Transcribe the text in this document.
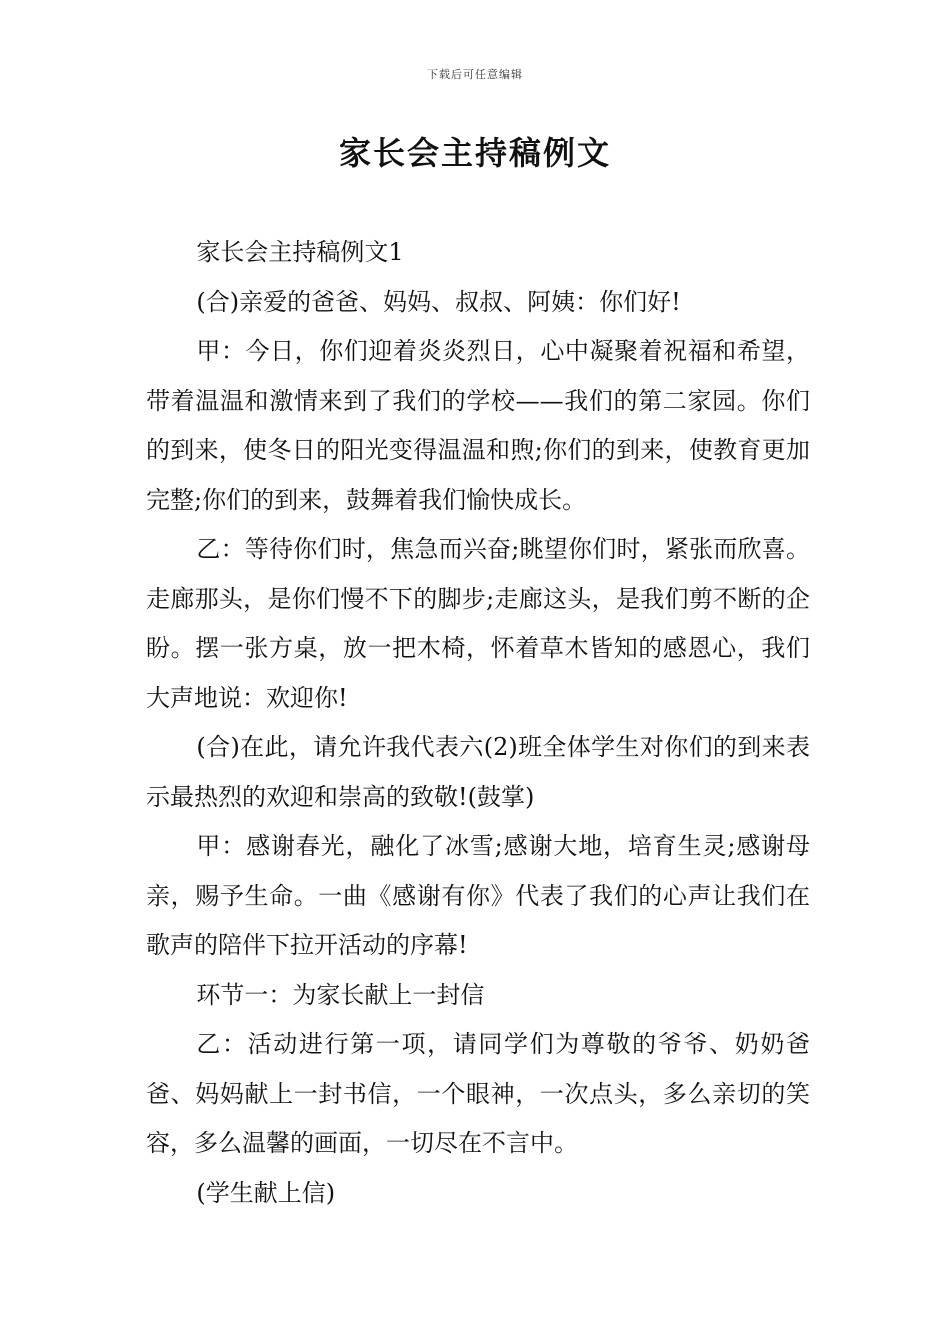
下载后可任意编辑
家长会主持稿例文

家长会主持稿例文1

(合)亲爱的爸爸、妈妈、叔叔、阿姨：你们好!

甲：今日，你们迎着炎炎烈日，心中凝聚着祝福和希望，带着温温和激情来到了我们的学校——我们的第二家园。你们的到来，使冬日的阳光变得温温和煦;你们的到来，使教育更加完整;你们的到来，鼓舞着我们愉快成长。

乙：等待你们时，焦急而兴奋;眺望你们时，紧张而欣喜。走廊那头，是你们慢不下的脚步;走廊这头，是我们剪不断的企盼。摆一张方桌，放一把木椅，怀着草木皆知的感恩心，我们大声地说：欢迎你!

(合)在此，请允许我代表六(2)班全体学生对你们的到来表示最热烈的欢迎和崇高的致敬!(鼓掌)

甲：感谢春光，融化了冰雪;感谢大地，培育生灵;感谢母亲，赐予生命。一曲《感谢有你》代表了我们的心声让我们在歌声的陪伴下拉开活动的序幕!

环节一：为家长献上一封信

乙：活动进行第一项，请同学们为尊敬的爷爷、奶奶爸爸、妈妈献上一封书信，一个眼神，一次点头，多么亲切的笑容，多么温馨的画面，一切尽在不言中。

(学生献上信)
